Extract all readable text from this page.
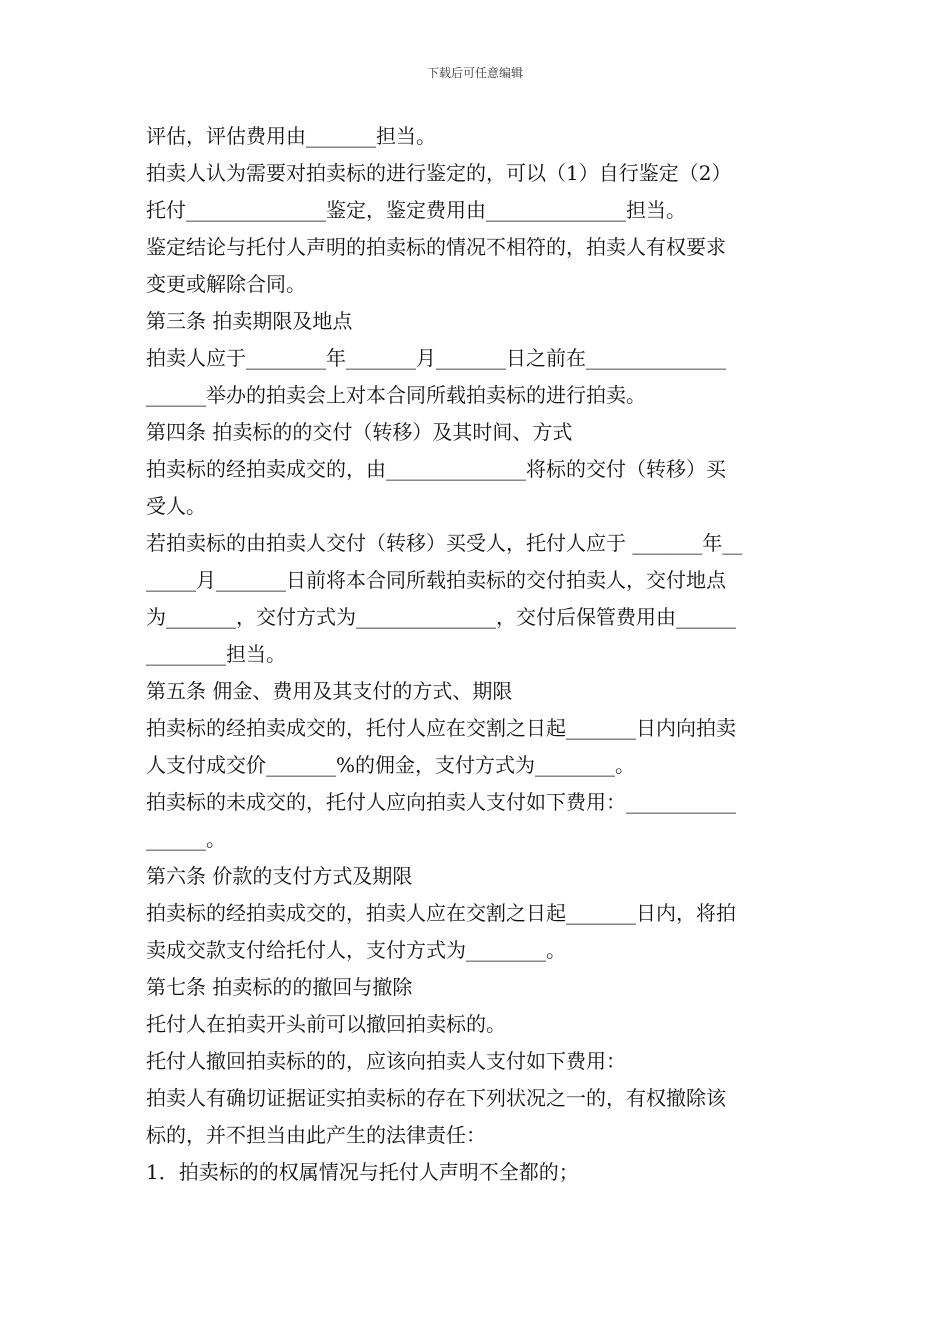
下载后可任意编辑
评估，评估费用由_______担当。
拍卖人认为需要对拍卖标的进行鉴定的，可以（1）自行鉴定（2）
托付______________鉴定，鉴定费用由______________担当。
鉴定结论与托付人声明的拍卖标的情况不相符的，拍卖人有权要求
变更或解除合同。
第三条 拍卖期限及地点
拍卖人应于________年_______月_______日之前在______________
______举办的拍卖会上对本合同所载拍卖标的进行拍卖。
第四条 拍卖标的的交付（转移）及其时间、方式
拍卖标的经拍卖成交的，由______________将标的交付（转移）买
受人。
若拍卖标的由拍卖人交付（转移）买受人，托付人应于 _______年__
_____月_______日前将本合同所载拍卖标的交付拍卖人，交付地点
为_______，交付方式为______________，交付后保管费用由______
________担当。
第五条 佣金、费用及其支付的方式、期限
拍卖标的经拍卖成交的，托付人应在交割之日起_______日内向拍卖
人支付成交价_______%的佣金，支付方式为________。
拍卖标的未成交的，托付人应向拍卖人支付如下费用：___________
______。
第六条 价款的支付方式及期限
拍卖标的经拍卖成交的，拍卖人应在交割之日起_______日内，将拍
卖成交款支付给托付人，支付方式为________。
第七条 拍卖标的的撤回与撤除
托付人在拍卖开头前可以撤回拍卖标的。
托付人撤回拍卖标的的，应该向拍卖人支付如下费用：
拍卖人有确切证据证实拍卖标的存在下列状况之一的，有权撤除该
标的，并不担当由此产生的法律责任：
1．拍卖标的的权属情况与托付人声明不全都的；
